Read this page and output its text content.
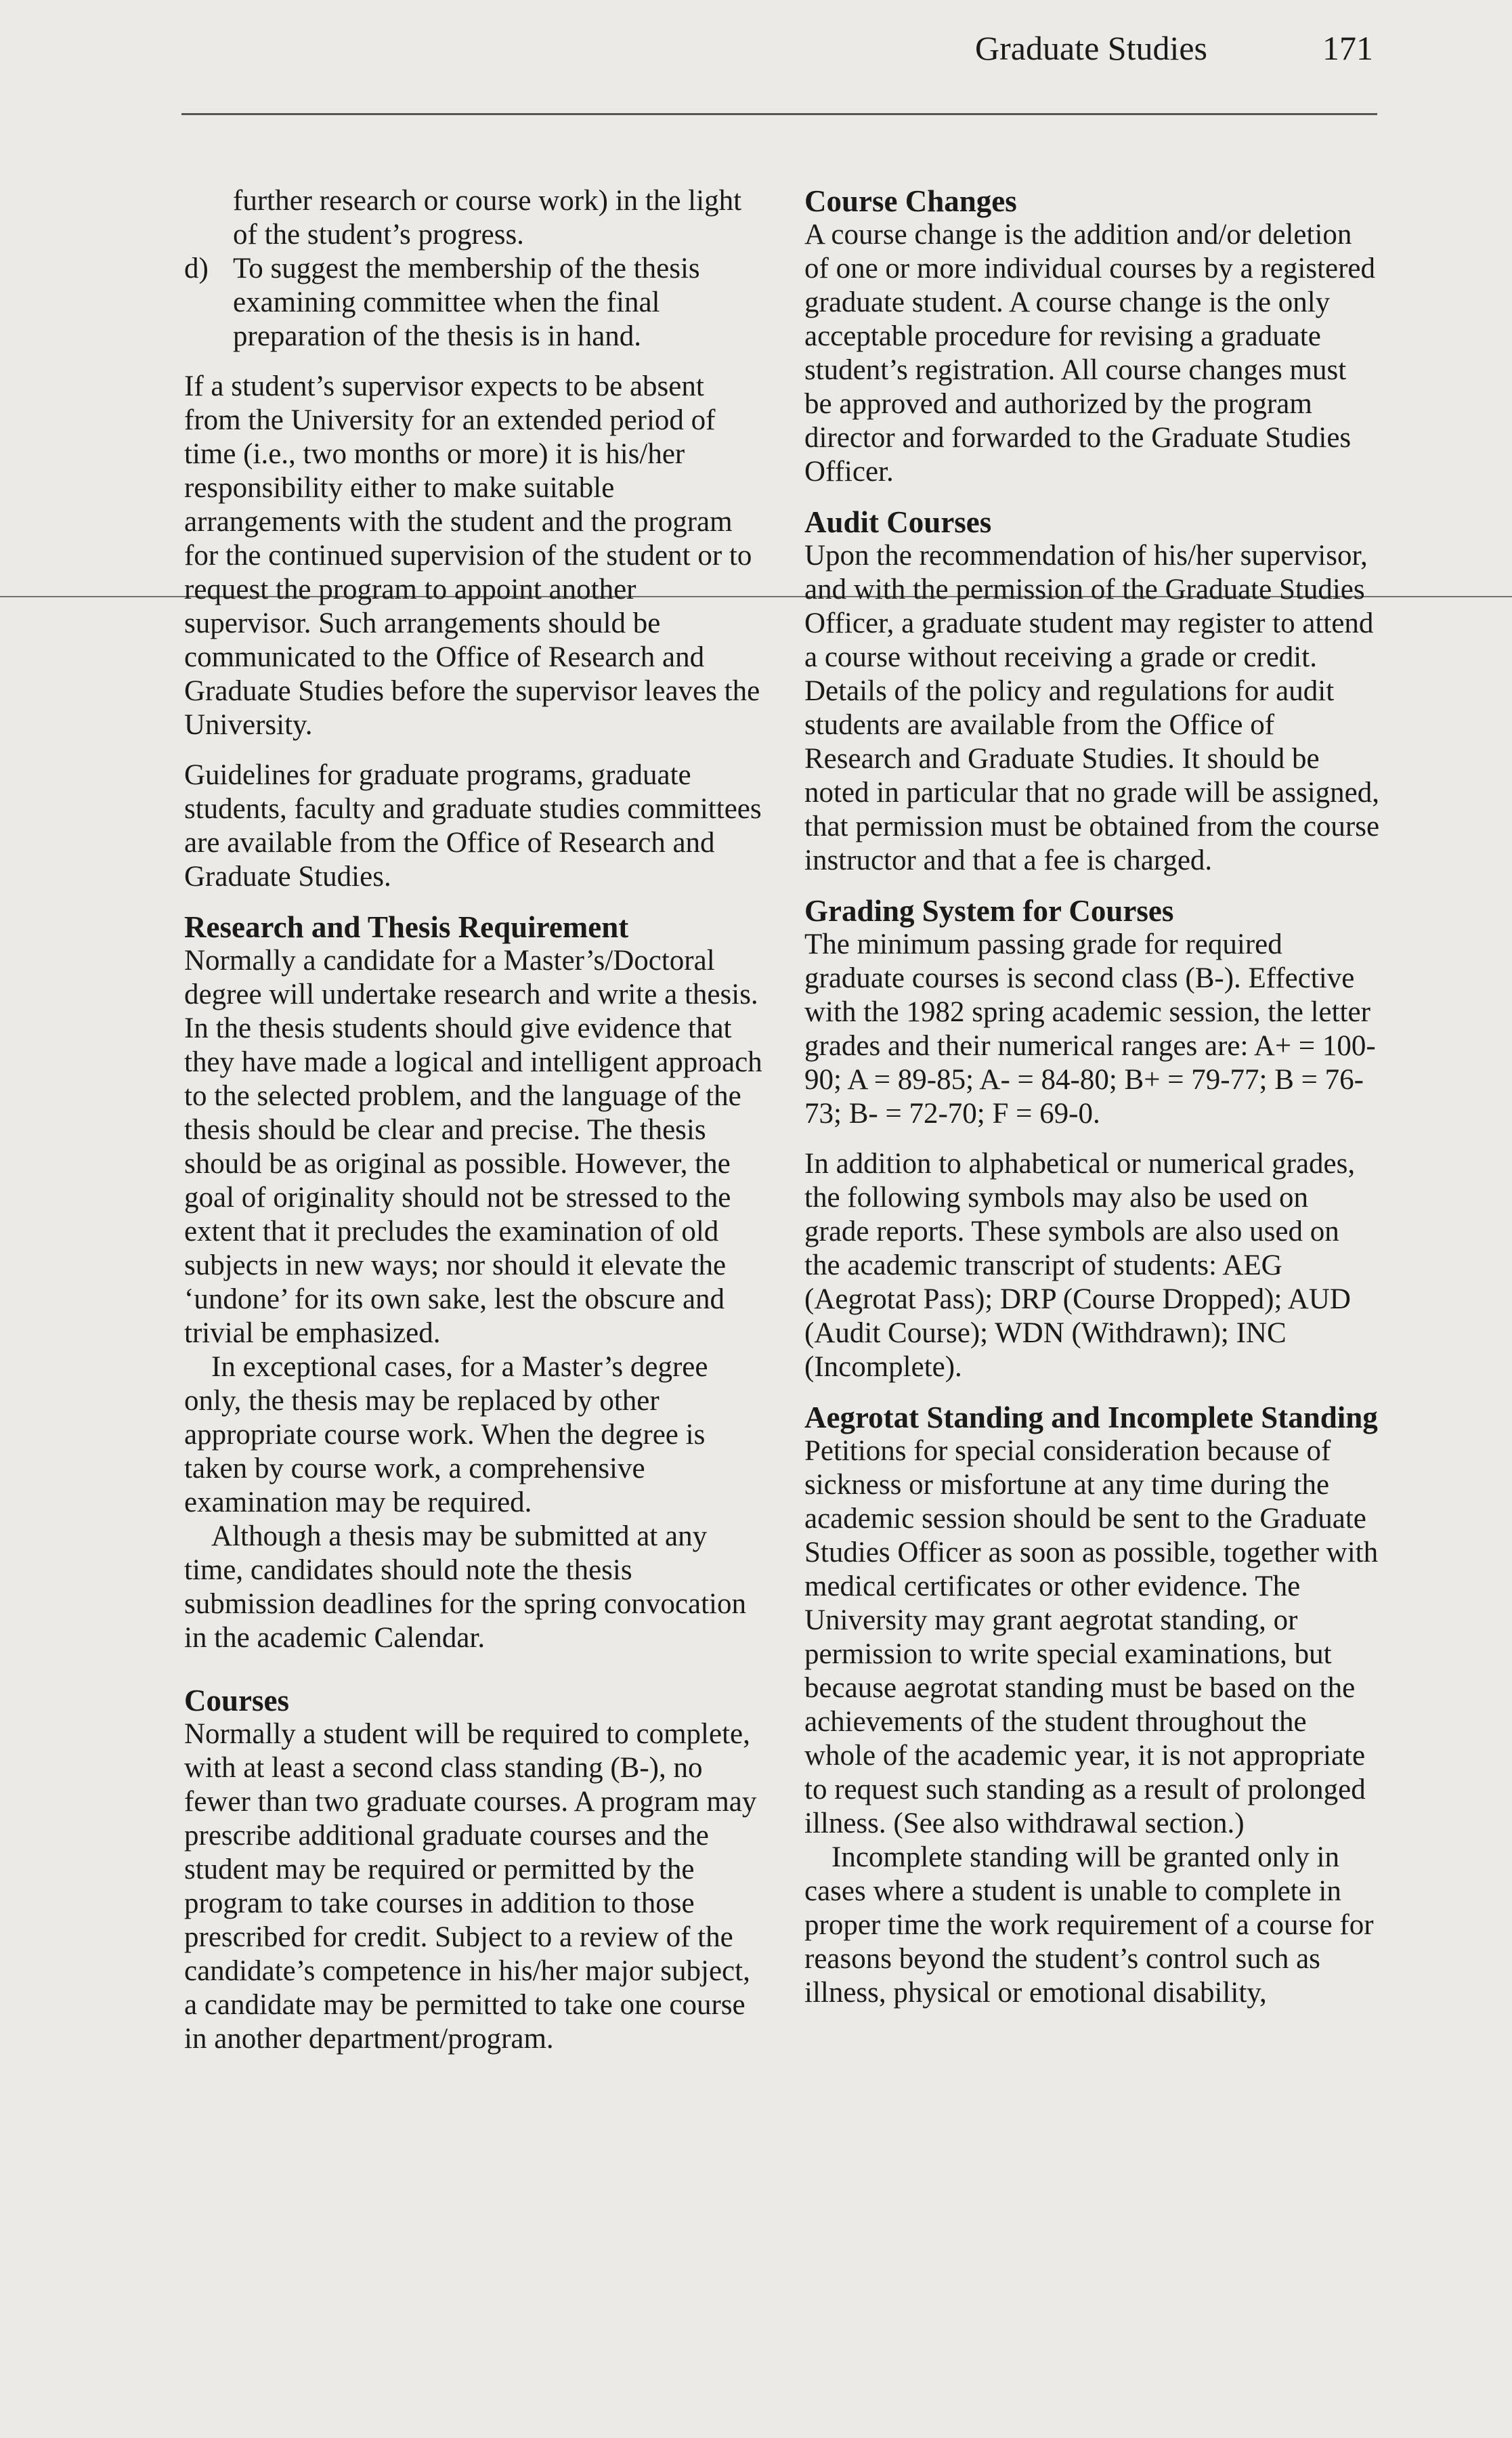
Graduate Studies	171

further research or course work) in the light of the student’s progress.

d) To suggest the membership of the thesis examining committee when the final preparation of the thesis is in hand.

If a student’s supervisor expects to be absent from the University for an extended period of time (i.e., two months or more) it is his/her responsibility either to make suitable arrangements with the student and the program for the continued supervision of the student or to request the program to appoint another supervisor. Such arrangements should be communicated to the Office of Research and Graduate Studies before the supervisor leaves the University.

Guidelines for graduate programs, graduate students, faculty and graduate studies committees are available from the Office of Research and Graduate Studies.

Research and Thesis Requirement

Normally a candidate for a Master’s/Doctoral degree will undertake research and write a thesis. In the thesis students should give evidence that they have made a logical and intelligent approach to the selected problem, and the language of the thesis should be clear and precise. The thesis should be as original as possible. However, the goal of originality should not be stressed to the extent that it precludes the examination of old subjects in new ways; nor should it elevate the ‘undone’ for its own sake, lest the obscure and trivial be emphasized.

In exceptional cases, for a Master’s degree only, the thesis may be replaced by other appropriate course work. When the degree is taken by course work, a comprehensive examination may be required.

Although a thesis may be submitted at any time, candidates should note the thesis submission deadlines for the spring convocation in the academic Calendar.

Courses

Normally a student will be required to complete, with at least a second class standing (B-), no fewer than two graduate courses. A program may prescribe additional graduate courses and the student may be required or permitted by the program to take courses in addition to those prescribed for credit. Subject to a review of the candidate’s competence in his/her major subject, a candidate may be permitted to take one course in another department/program.

Course Changes

A course change is the addition and/or deletion of one or more individual courses by a registered graduate student. A course change is the only acceptable procedure for revising a graduate student’s registration. All course changes must be approved and authorized by the program director and forwarded to the Graduate Studies Officer.

Audit Courses

Upon the recommendation of his/her supervisor, and with the permission of the Graduate Studies Officer, a graduate student may register to attend a course without receiving a grade or credit. Details of the policy and regulations for audit students are available from the Office of Research and Graduate Studies. It should be noted in particular that no grade will be assigned, that permission must be obtained from the course instructor and that a fee is charged.

Grading System for Courses

The minimum passing grade for required graduate courses is second class (B-). Effective with the 1982 spring academic session, the letter grades and their numerical ranges are: A+ = 100-90; A = 89-85; A- = 84-80; B+ = 79-77; B = 76-73; B- = 72-70; F = 69-0.

In addition to alphabetical or numerical grades, the following symbols may also be used on grade reports. These symbols are also used on the academic transcript of students: AEG (Aegrotat Pass); DRP (Course Dropped); AUD (Audit Course); WDN (Withdrawn); INC (Incomplete).

Aegrotat Standing and Incomplete Standing

Petitions for special consideration because of sickness or misfortune at any time during the academic session should be sent to the Graduate Studies Officer as soon as possible, together with medical certificates or other evidence. The University may grant aegrotat standing, or permission to write special examinations, but because aegrotat standing must be based on the achievements of the student throughout the whole of the academic year, it is not appropriate to request such standing as a result of prolonged illness. (See also withdrawal section.)

Incomplete standing will be granted only in cases where a student is unable to complete in proper time the work requirement of a course for reasons beyond the student’s control such as illness, physical or emotional disability,
